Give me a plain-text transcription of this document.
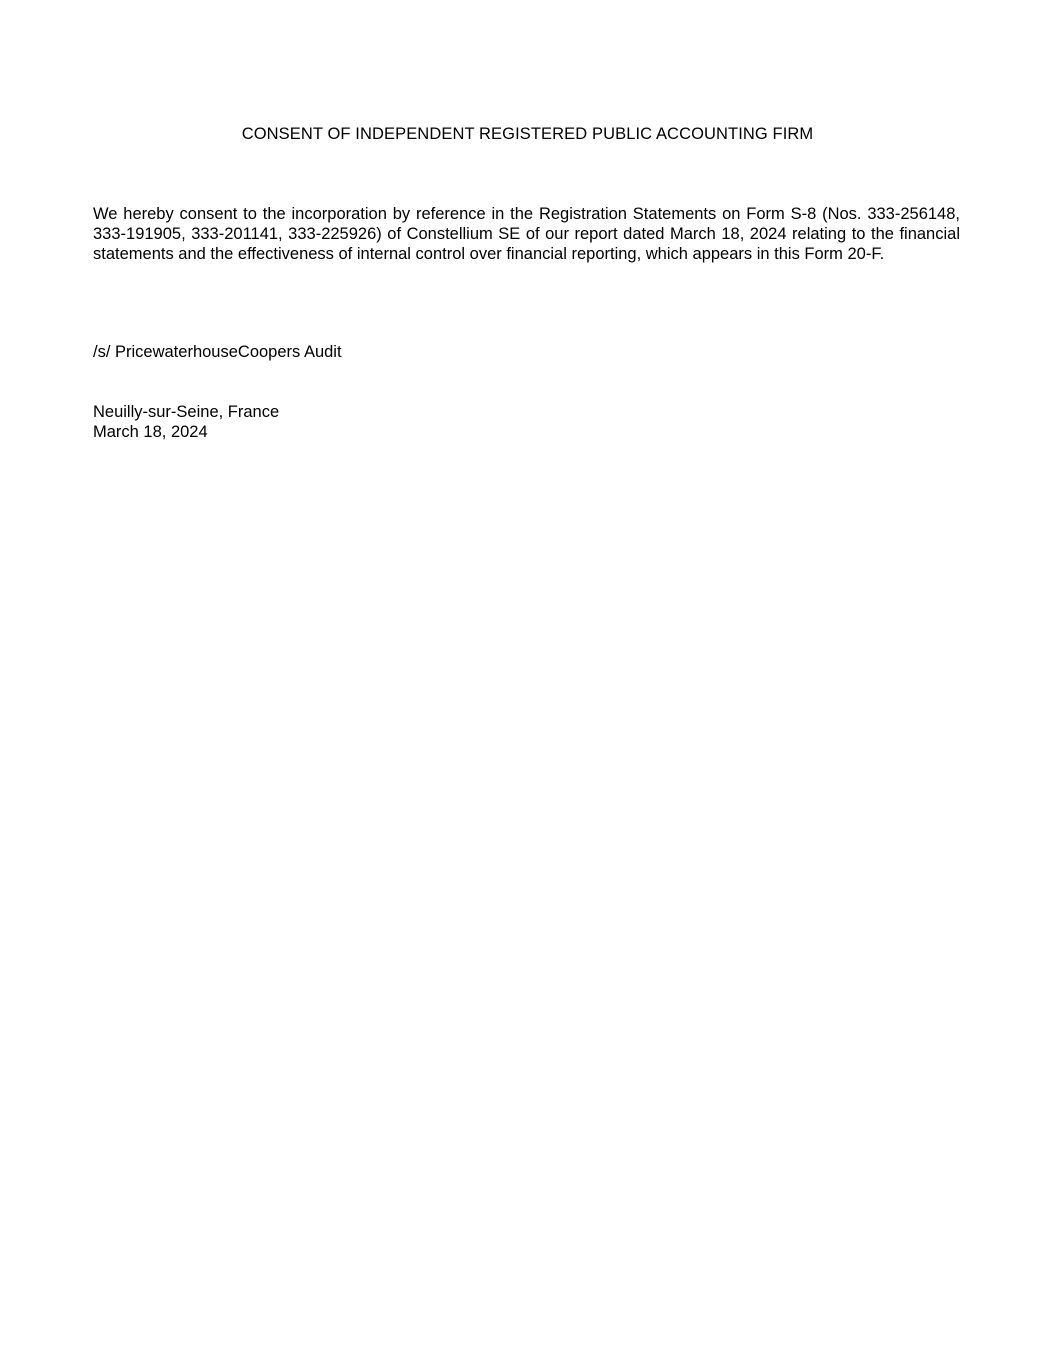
CONSENT OF INDEPENDENT REGISTERED PUBLIC ACCOUNTING FIRM

We hereby consent to the incorporation by reference in the Registration Statements on Form S-8 (Nos. 333-256148, 333-191905, 333-201141, 333-225926) of Constellium SE of our report dated March 18, 2024 relating to the financial statements and the effectiveness of internal control over financial reporting, which appears in this Form 20-F.

/s/ PricewaterhouseCoopers Audit

Neuilly-sur-Seine, France
March 18, 2024
